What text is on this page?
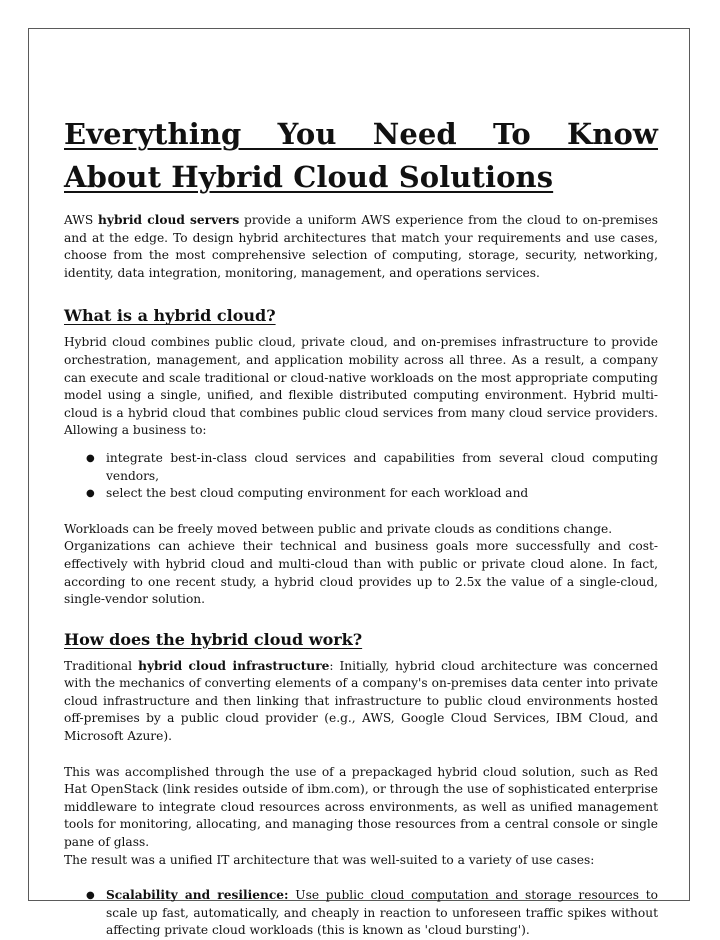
Everything You Need To Know About Hybrid Cloud Solutions

AWS hybrid cloud servers provide a uniform AWS experience from the cloud to on-premises and at the edge. To design hybrid architectures that match your requirements and use cases, choose from the most comprehensive selection of computing, storage, security, networking, identity, data integration, monitoring, management, and operations services.

What is a hybrid cloud?

Hybrid cloud combines public cloud, private cloud, and on-premises infrastructure to provide orchestration, management, and application mobility across all three. As a result, a company can execute and scale traditional or cloud-native workloads on the most appropriate computing model using a single, unified, and flexible distributed computing environment. Hybrid multi-cloud is a hybrid cloud that combines public cloud services from many cloud service providers. Allowing a business to:

● integrate best-in-class cloud services and capabilities from several cloud computing vendors,
● select the best cloud computing environment for each workload and

Workloads can be freely moved between public and private clouds as conditions change.

Organizations can achieve their technical and business goals more successfully and cost-effectively with hybrid cloud and multi-cloud than with public or private cloud alone. In fact, according to one recent study, a hybrid cloud provides up to 2.5x the value of a single-cloud, single-vendor solution.

How does the hybrid cloud work?

Traditional hybrid cloud infrastructure: Initially, hybrid cloud architecture was concerned with the mechanics of converting elements of a company's on-premises data center into private cloud infrastructure and then linking that infrastructure to public cloud environments hosted off-premises by a public cloud provider (e.g., AWS, Google Cloud Services, IBM Cloud, and Microsoft Azure).

This was accomplished through the use of a prepackaged hybrid cloud solution, such as Red Hat OpenStack (link resides outside of ibm.com), or through the use of sophisticated enterprise middleware to integrate cloud resources across environments, as well as unified management tools for monitoring, allocating, and managing those resources from a central console or single pane of glass.

The result was a unified IT architecture that was well-suited to a variety of use cases:

● Scalability and resilience: Use public cloud computation and storage resources to scale up fast, automatically, and cheaply in reaction to unforeseen traffic spikes without affecting private cloud workloads (this is known as 'cloud bursting').
